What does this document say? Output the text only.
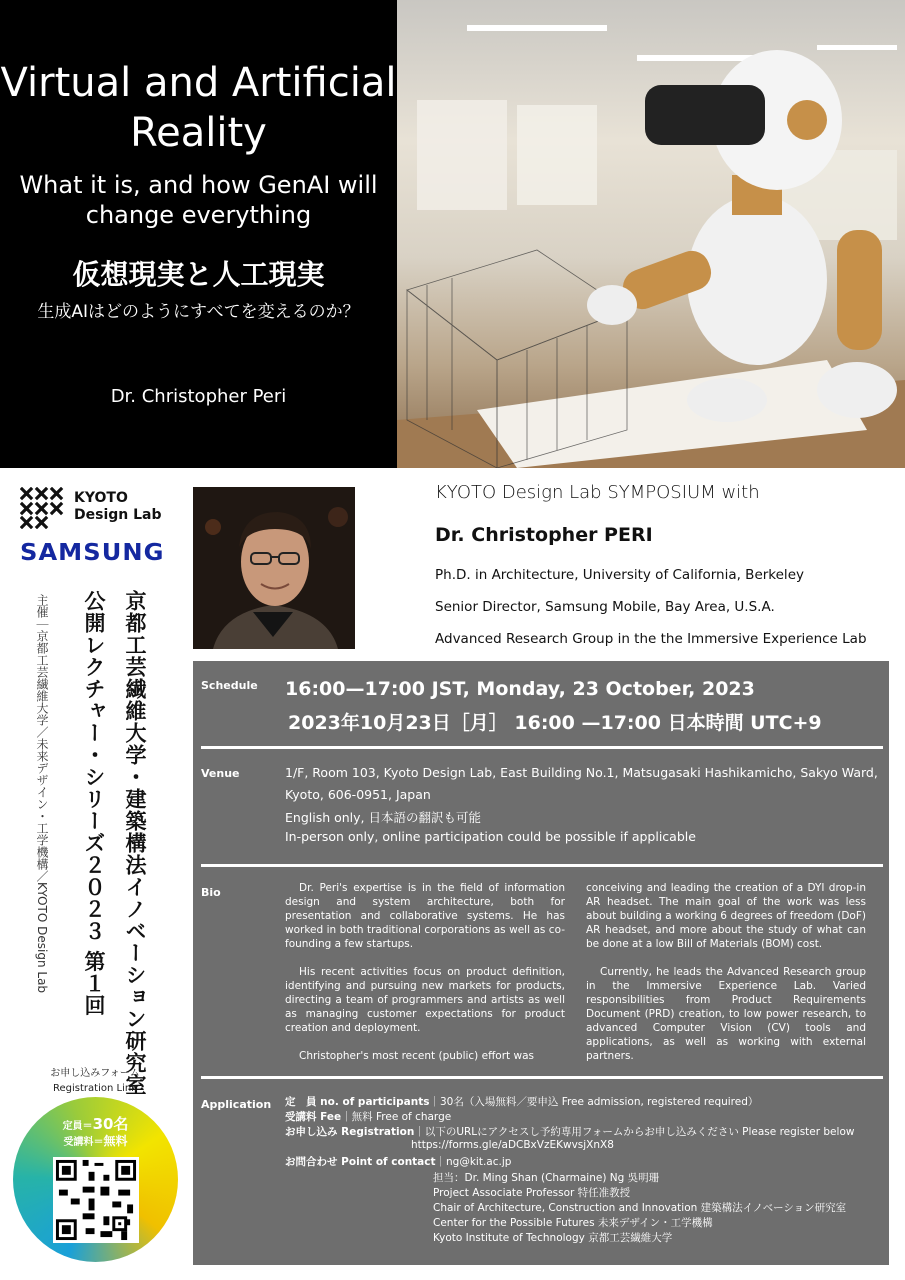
Virtual and Artificial Reality
What it is, and how GenAI will change everything
仮想現実と人工現実
生成AIはどのようにすべてを変えるのか？
Dr. Christopher Peri
KYOTO
Design Lab
SAMSUNG
京都工芸繊維大学・建築構法イノベーション研究室
公開レクチャー・シリーズ２０２３ 第１回
主催｜京都工芸繊維大学／未来デザイン・工学機構／KYOTO Design Lab
お申し込みフォーム
Registration Link
定員＝30名
受講料＝無料
KYOTO Design Lab SYMPOSIUM with
Dr. Christopher PERI
Ph.D. in Architecture, University of California, Berkeley
Senior Director, Samsung Mobile, Bay Area, U.S.A.
Advanced Research Group in the the Immersive Experience Lab
Schedule 16:00—17:00 JST, Monday, 23 October, 2023
2023年10月23日［月］ 16:00 —17:00 日本時間 UTC+9
Venue	1/F, Room 103, Kyoto Design Lab, East Building No.1, Matsugasaki Hashikamicho, Sakyo Ward,
Kyoto, 606-0951, Japan
English only, 日本語の翻訳も可能
In-person only, online participation could be possible if applicable
Bio	Dr. Peri's expertise is in the field of information design and system architecture, both for presentation and collaborative systems. He has worked in both traditional corporations as well as co-founding a few startups.

His recent activities focus on product definition, identifying and pursuing new markets for products, directing a team of programmers and artists as well as managing customer expectations for product creation and deployment.

Christopher's most recent (public) effort was

conceiving and leading the creation of a DYI drop-in AR headset. The main goal of the work was less about building a working 6 degrees of freedom (DoF) AR headset, and more about the study of what can be done at a low Bill of Materials (BOM) cost.

Currently, he leads the Advanced Research group in the Immersive Experience Lab. Varied responsibilities from Product Requirements Document (PRD) creation, to low power research, to advanced Computer Vision (CV) tools and applications, as well as working with external partners.

Application 定　員 no. of participants｜30名（入場無料／要申込 Free admission, registered required）
受講料 Fee｜無料 Free of charge
お申し込み Registration｜以下のURLにアクセスし予約専用フォームからお申し込みください Please register below
https://forms.gle/aDCBxVzEKwvsjXnX8
お問合わせ Point of contact｜ng@kit.ac.jp
担当：Dr. Ming Shan (Charmaine) Ng 吳明珊
Project Associate Professor 特任准教授
Chair of Architecture, Construction and Innovation 建築構法イノベーション研究室
Center for the Possible Futures 未来デザイン・工学機構
Kyoto Institute of Technology 京都工芸繊維大学
